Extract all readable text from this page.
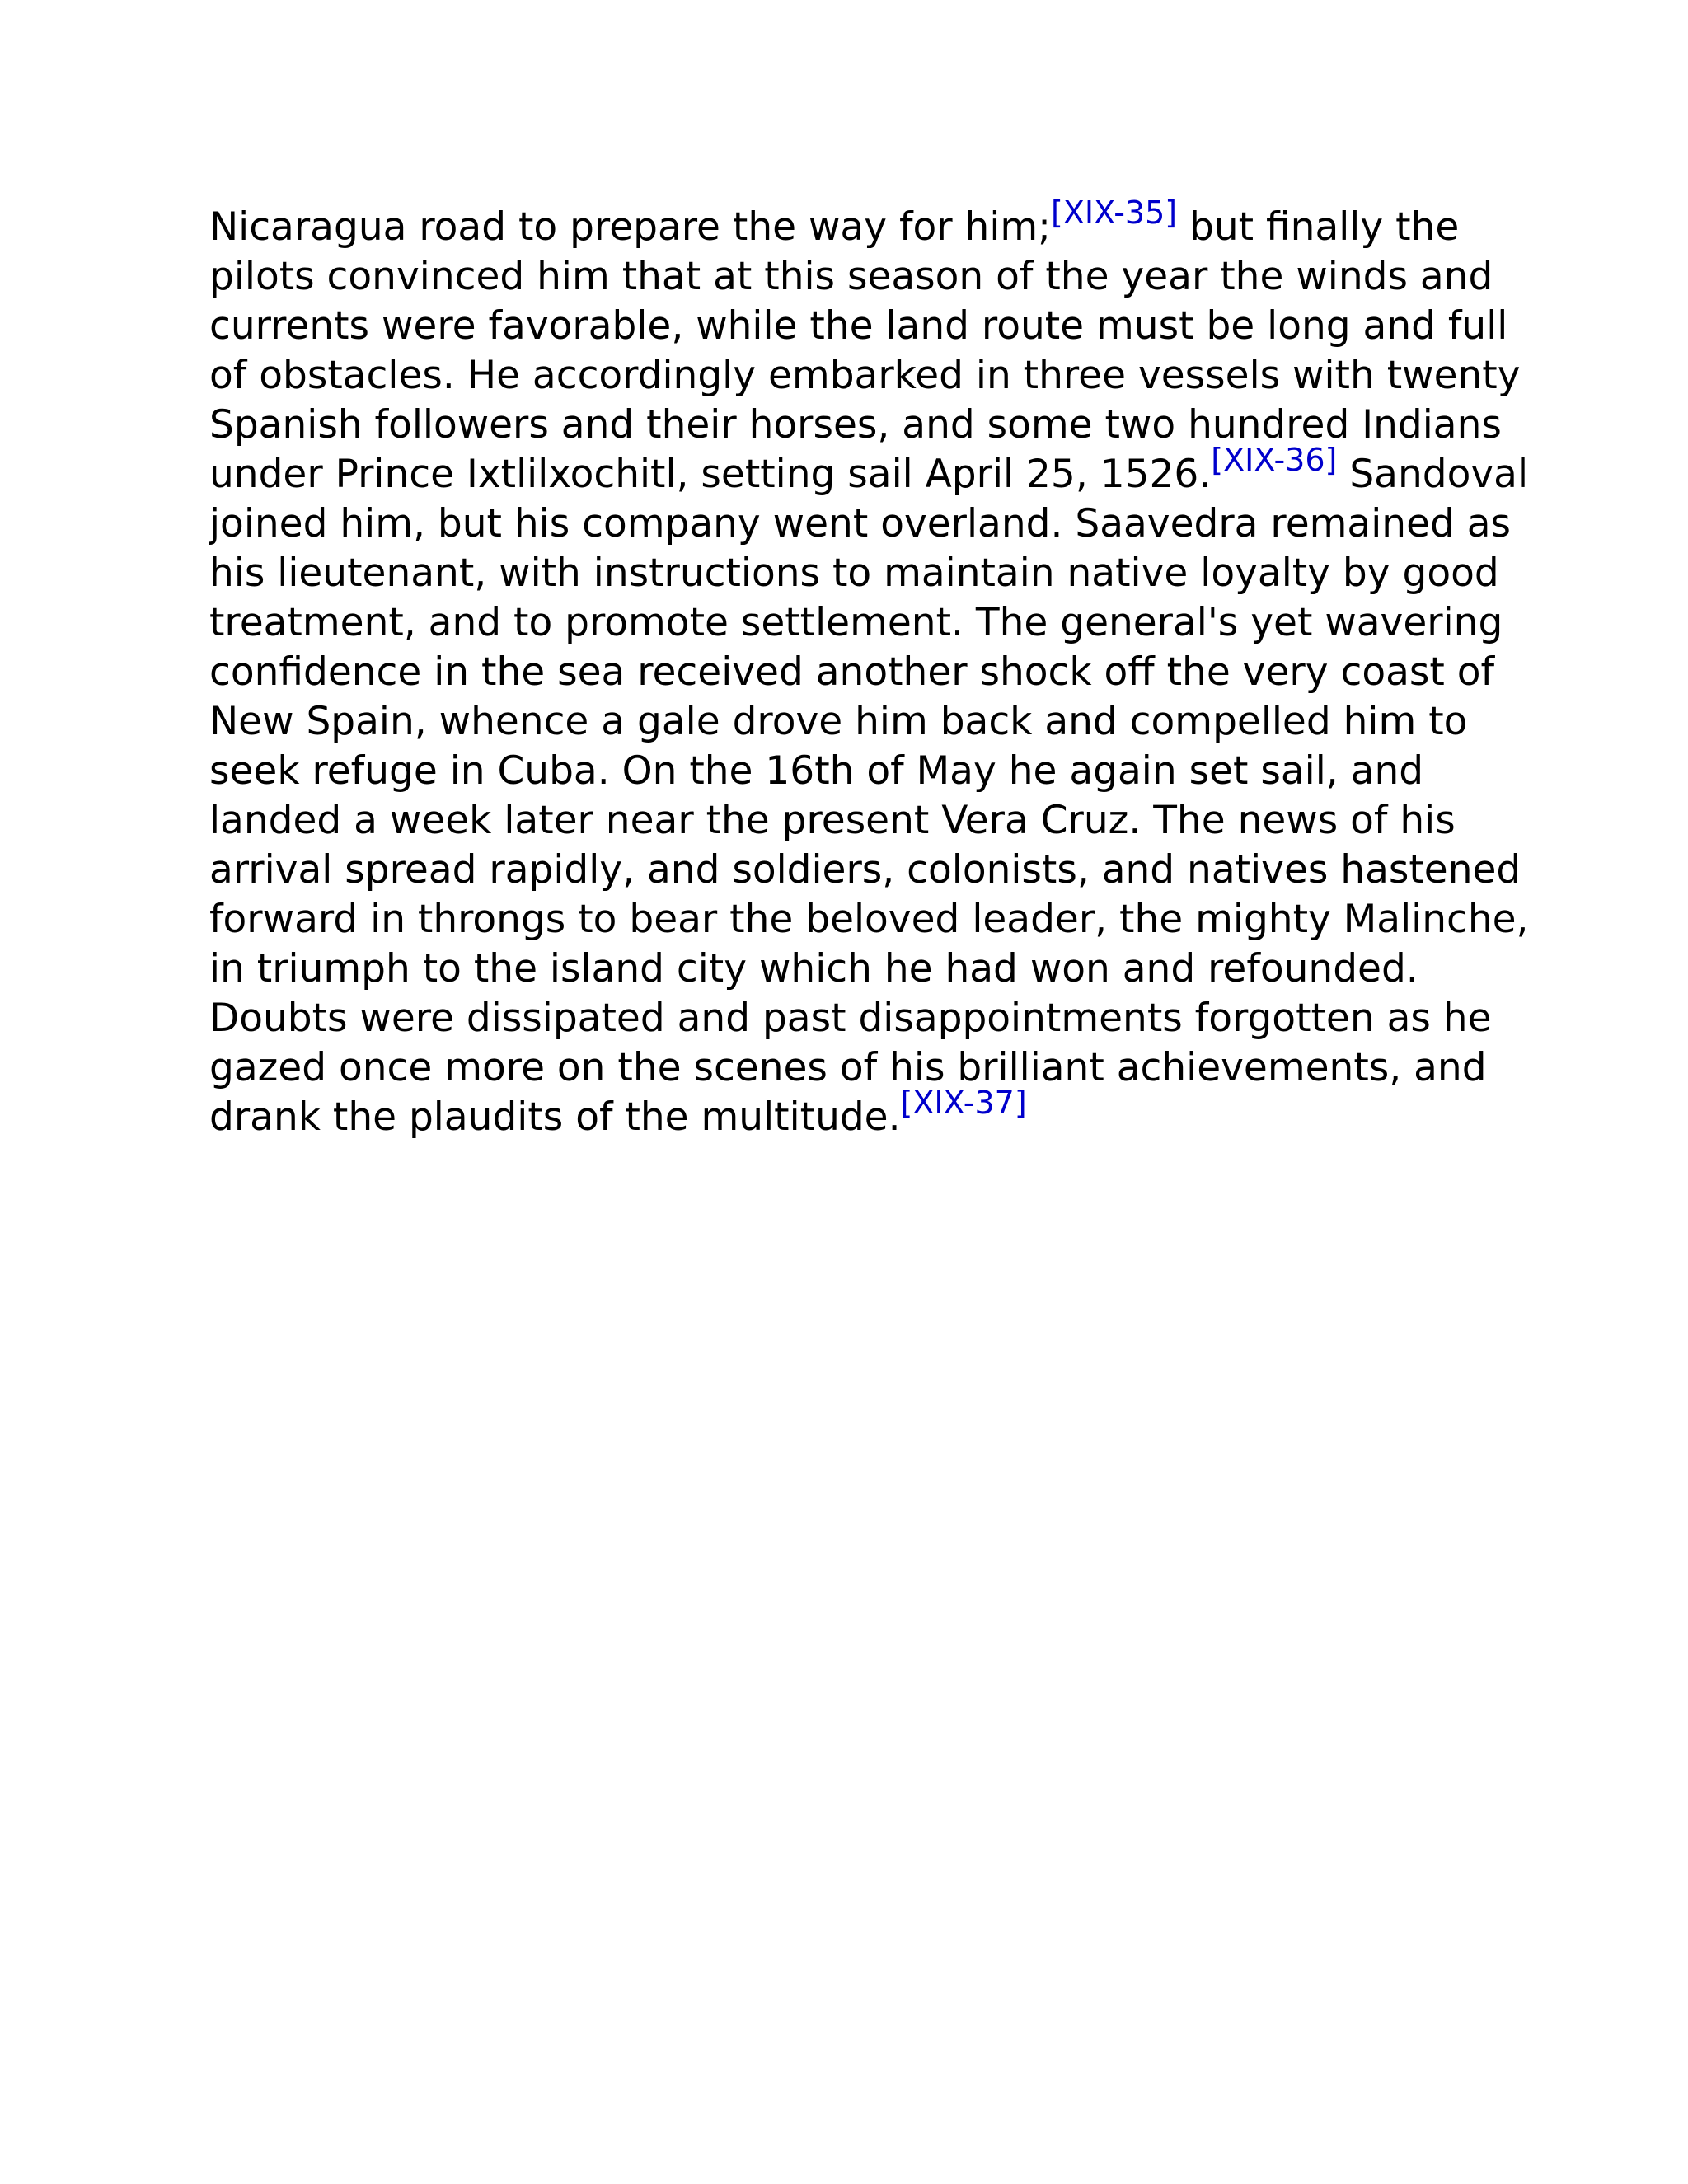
Nicaragua road to prepare the way for him;[XIX-35] but finally the
pilots convinced him that at this season of the year the winds and
currents were favorable, while the land route must be long and full
of obstacles. He accordingly embarked in three vessels with twenty
Spanish followers and their horses, and some two hundred Indians
under Prince Ixtlilxochitl, setting sail April 25, 1526.[XIX-36] Sandoval
joined him, but his company went overland. Saavedra remained as
his lieutenant, with instructions to maintain native loyalty by good
treatment, and to promote settlement. The general's yet wavering
confidence in the sea received another shock off the very coast of
New Spain, whence a gale drove him back and compelled him to
seek refuge in Cuba. On the 16th of May he again set sail, and
landed a week later near the present Vera Cruz. The news of his
arrival spread rapidly, and soldiers, colonists, and natives hastened
forward in throngs to bear the beloved leader, the mighty Malinche,
in triumph to the island city which he had won and refounded.
Doubts were dissipated and past disappointments forgotten as he
gazed once more on the scenes of his brilliant achievements, and
drank the plaudits of the multitude.[XIX-37]
